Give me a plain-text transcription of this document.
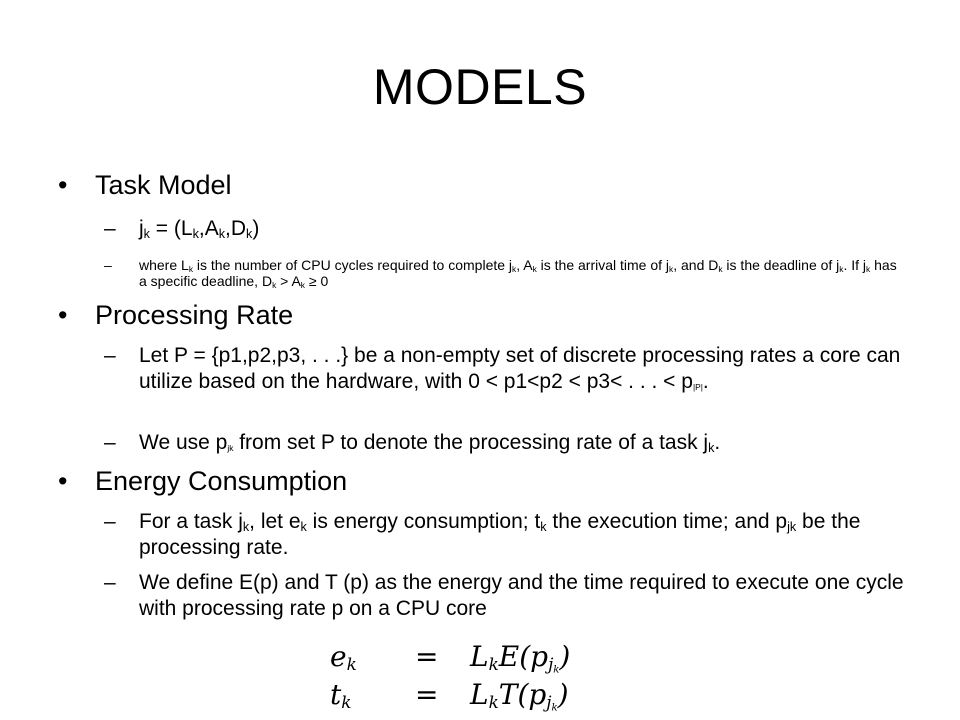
MODELS
• Task Model
– $j_k = (L_k,A_k,D_k)$
– where $L_k$ is the number of CPU cycles required to complete $j_k$, $A_k$ is the arrival time of $j_k$, and $D_k$ is the deadline of $j_k$. If $j_k$ has a specific deadline, $D_k > A_k \ge 0$
• Processing Rate
– Let P = {p1,p2,p3, . . .} be a non-empty set of discrete processing rates a core can utilize based on the hardware, with 0 < p1<p2 < p3< . . . < $p_{|P|}$.
– We use $p_{jk}$ from set P to denote the processing rate of a task $j_k$.
• Energy Consumption
– For a task $j_k$, let $e_k$ is energy consumption; $t_k$ the execution time; and $p_{jk}$ be the processing rate.
– We define E(p) and T (p) as the energy and the time required to execute one cycle with processing rate p on a CPU core
$e_k = L_kE(p_{j_k})$
$t_k = L_kT(p_{j_k})$
